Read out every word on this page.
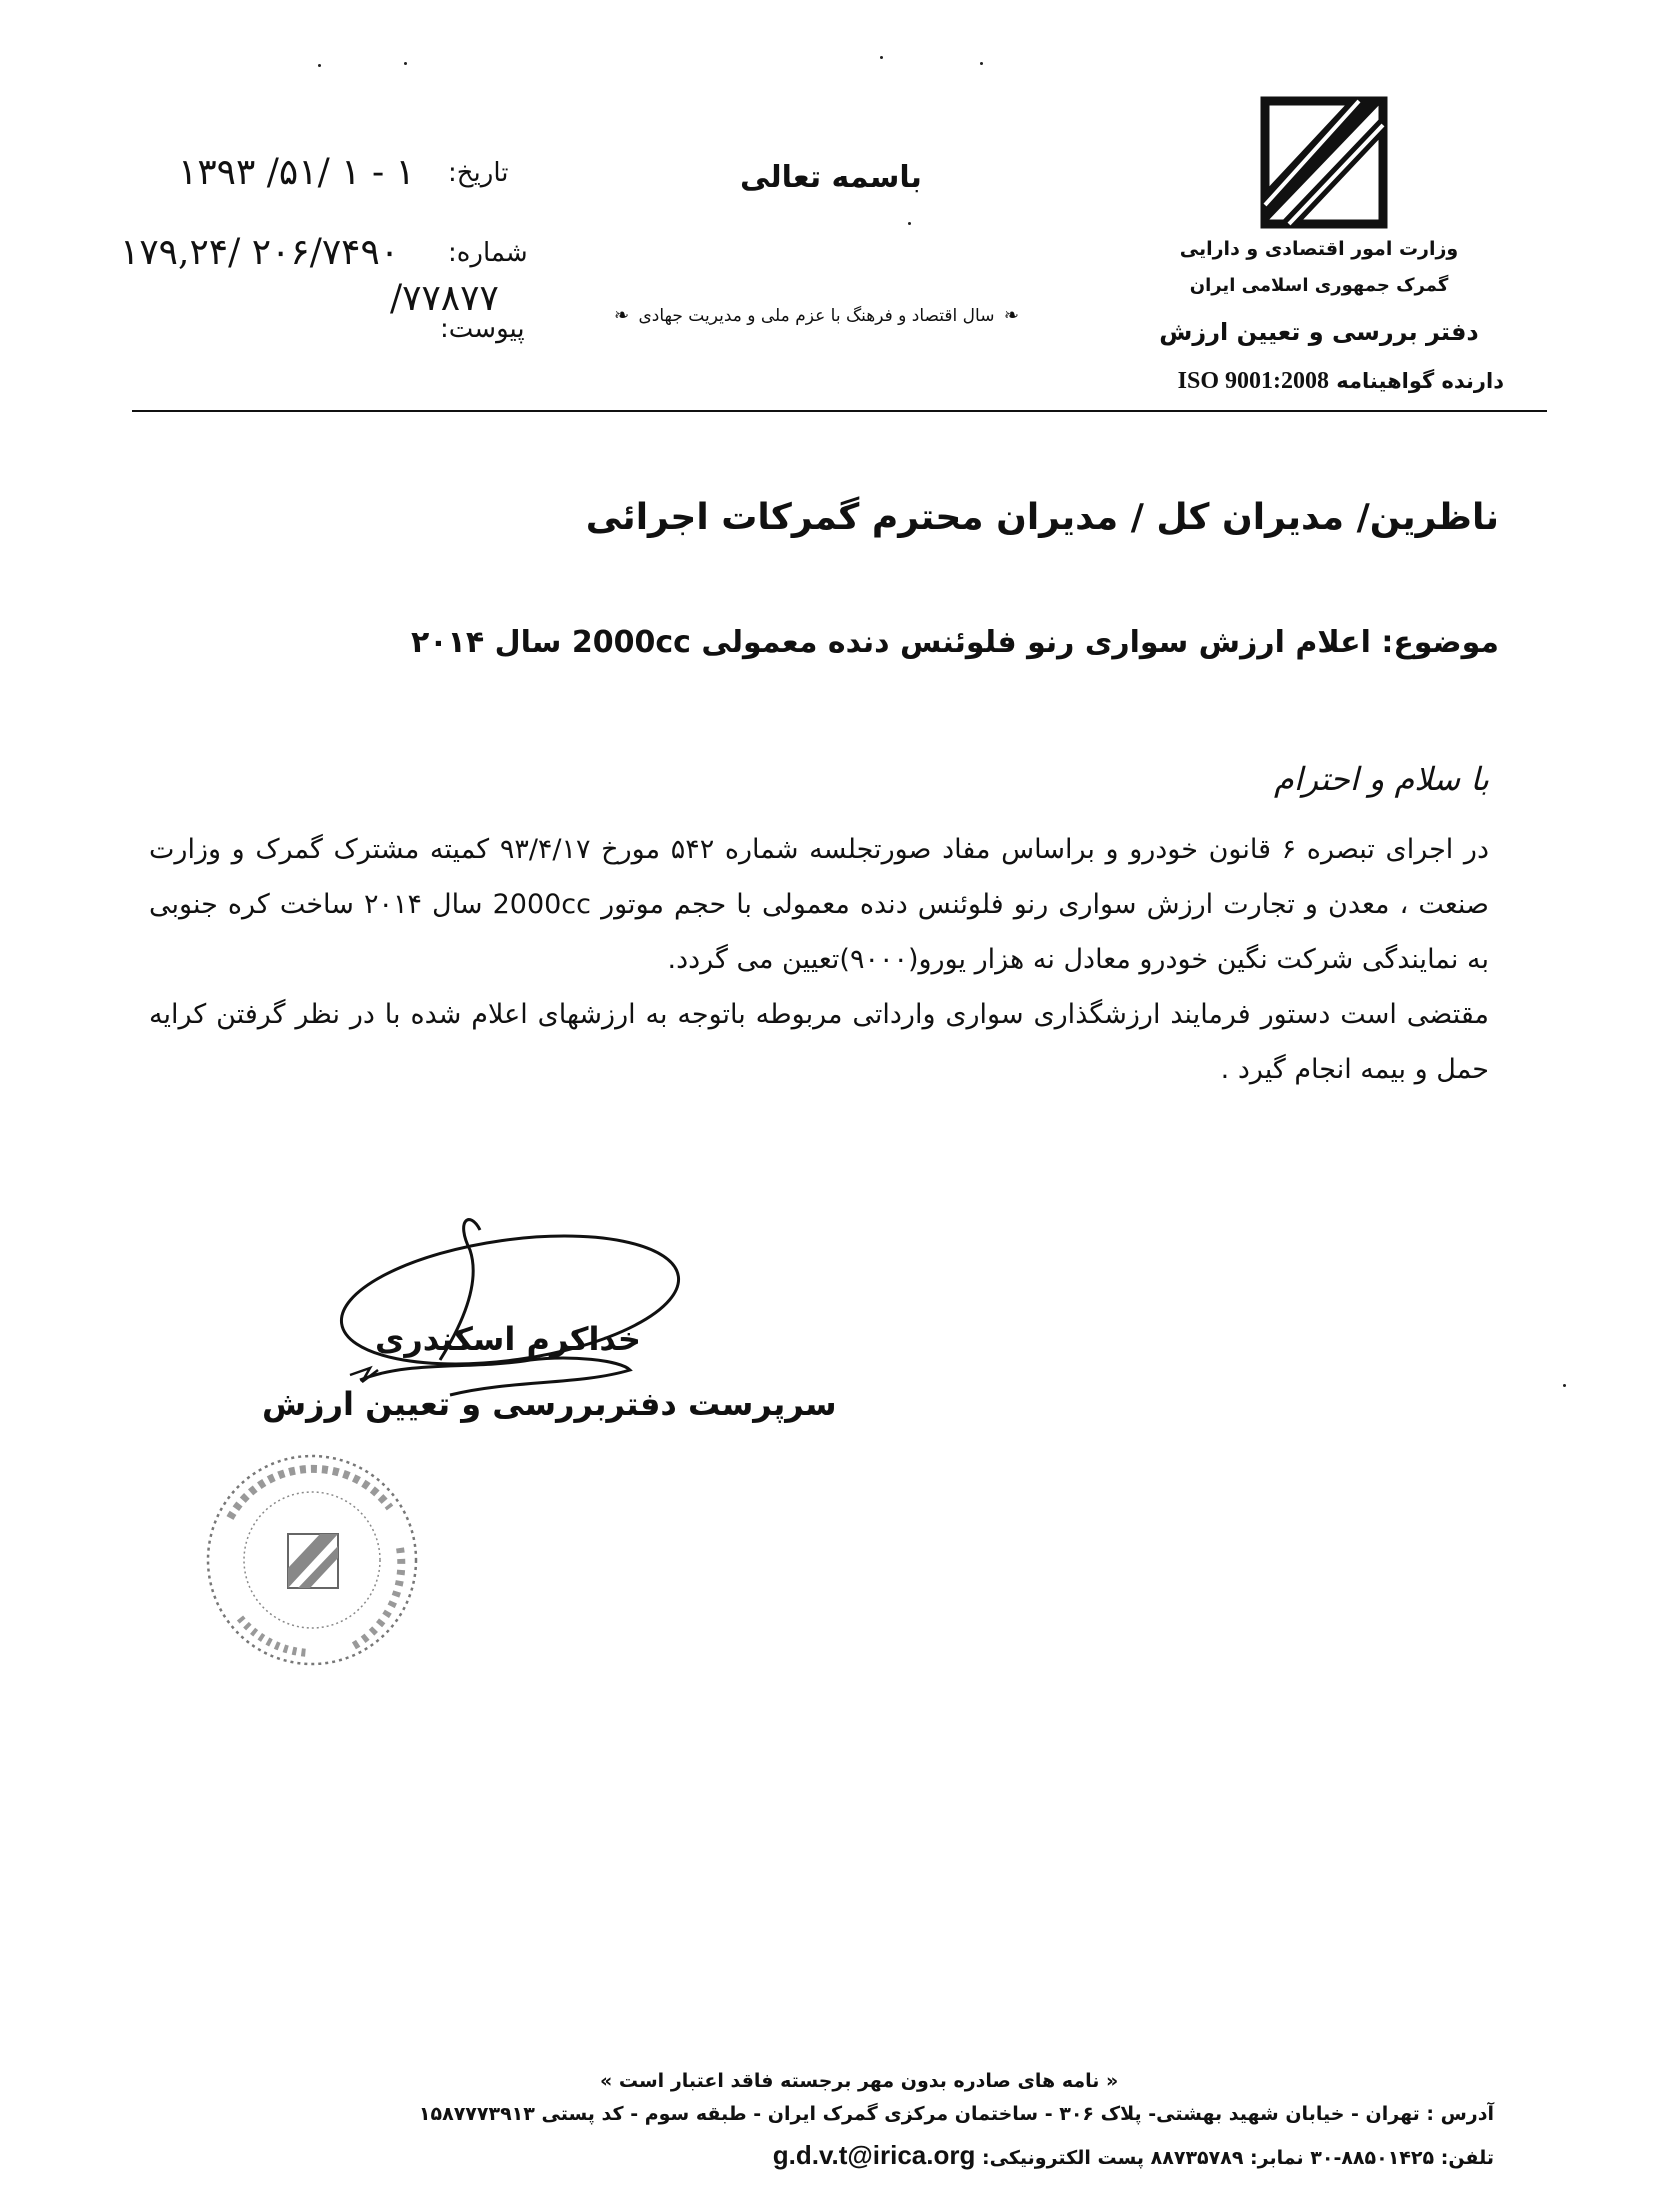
وزارت امور اقتصادی و دارایی
گمرک جمهوری اسلامی ایران
دفتر بررسی و تعیین ارزش
دارنده گواهینامه ISO 9001:2008
باسمه تعالی
❧ سال اقتصاد و فرهنگ با عزم ملی و مدیریت جهادی ❧
تاریخ:
شماره:
پیوست:
۱۳۹۳ /۵۱/ ۱ - ۱
۱۷۹,۲۴/ ۲۰۶/۷۴۹۰
/۷۷۸۷۷
ناظرین/ مدیران کل / مدیران محترم گمرکات اجرائی
موضوع: اعلام ارزش سواری رنو فلوئنس دنده معمولی 2000cc سال ۲۰۱۴
با سلام و احترام

در اجرای تبصره ۶ قانون خودرو و براساس مفاد صورتجلسه شماره ۵۴۲ مورخ ۹۳/۴/۱۷ کمیته مشترک گمرک و وزارت صنعت ، معدن و تجارت ارزش سواری رنو فلوئنس دنده معمولی با حجم موتور 2000cc سال ۲۰۱۴ ساخت کره جنوبی به نمایندگی شرکت نگین خودرو معادل نه هزار یورو(۹۰۰۰)تعیین می گردد.

مقتضی است دستور فرمایند ارزشگذاری سواری وارداتی مربوطه باتوجه به ارزشهای اعلام شده با در نظر گرفتن کرایه حمل و بیمه انجام گیرد .

خداکرم اسکندری
سرپرست دفتربررسی و تعیین ارزش
« نامه های صادره بدون مهر برجسته فاقد اعتبار است »
آدرس : تهران - خیابان شهید بهشتی- پلاک ۳۰۶ - ساختمان مرکزی گمرک ایران - طبقه سوم - کد پستی ۱۵۸۷۷۷۳۹۱۳
تلفن: ۸۸۵۰۱۴۲۵-۳۰ نمابر: ۸۸۷۳۵۷۸۹ پست الکترونیکی: g.d.v.t@irica.org
